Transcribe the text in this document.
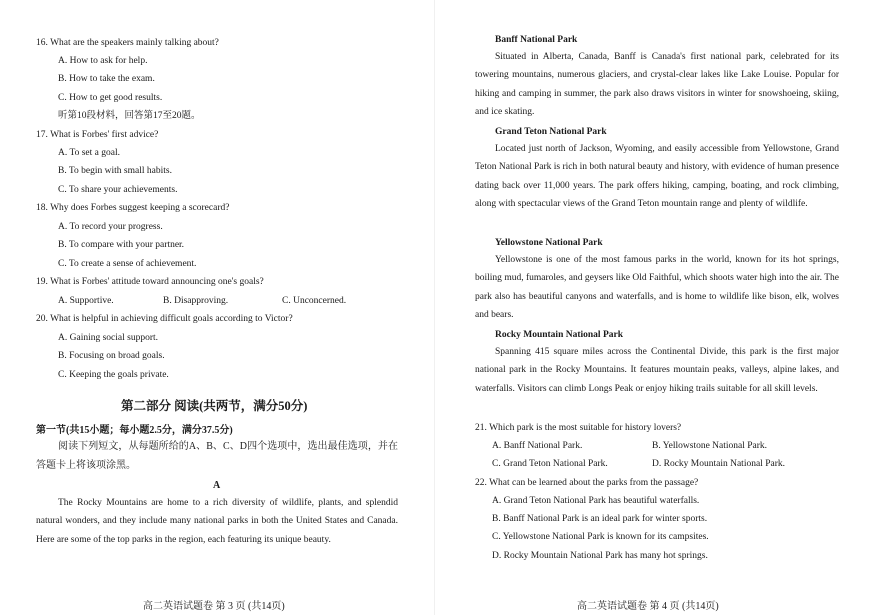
16. What are the speakers mainly talking about?
A. How to ask for help.
B. How to take the exam.
C. How to get good results.
听第10段材料，回答第17至20题。
17. What is Forbes' first advice?
A. To set a goal.
B. To begin with small habits.
C. To share your achievements.
18. Why does Forbes suggest keeping a scorecard?
A. To record your progress.
B. To compare with your partner.
C. To create a sense of achievement.
19. What is Forbes' attitude toward announcing one's goals?
A. Supportive.	B. Disapproving.	C. Unconcerned.
20. What is helpful in achieving difficult goals according to Victor?
A. Gaining social support.
B. Focusing on broad goals.
C. Keeping the goals private.
第二部分 阅读(共两节，满分50分)
第一节(共15小题；每小题2.5分，满分37.5分)
阅读下列短文，从每题所给的A、B、C、D四个选项中，选出最佳选项，并在答题卡上将该项涂黑。
A
The Rocky Mountains are home to a rich diversity of wildlife, plants, and splendid natural wonders, and they include many national parks in both the United States and Canada. Here are some of the top parks in the region, each featuring its unique beauty.
高二英语试题卷 第 3 页 (共14页)
Banff National Park
Situated in Alberta, Canada, Banff is Canada's first national park, celebrated for its towering mountains, numerous glaciers, and crystal-clear lakes like Lake Louise. Popular for hiking and camping in summer, the park also draws visitors in winter for snowshoeing, skiing, and ice skating.
Grand Teton National Park
Located just north of Jackson, Wyoming, and easily accessible from Yellowstone, Grand Teton National Park is rich in both natural beauty and history, with evidence of human presence dating back over 11,000 years. The park offers hiking, camping, boating, and rock climbing, along with spectacular views of the Grand Teton mountain range and plenty of wildlife.
Yellowstone National Park
Yellowstone is one of the most famous parks in the world, known for its hot springs, boiling mud, fumaroles, and geysers like Old Faithful, which shoots water high into the air. The park also has beautiful canyons and waterfalls, and is home to wildlife like bison, elk, wolves and bears.
Rocky Mountain National Park
Spanning 415 square miles across the Continental Divide, this park is the first major national park in the Rocky Mountains. It features mountain peaks, valleys, alpine lakes, and waterfalls. Visitors can climb Longs Peak or enjoy hiking trails suitable for all skill levels.
21. Which park is the most suitable for history lovers?
A. Banff National Park.	B. Yellowstone National Park.
C. Grand Teton National Park.	D. Rocky Mountain National Park.
22. What can be learned about the parks from the passage?
A. Grand Teton National Park has beautiful waterfalls.
B. Banff National Park is an ideal park for winter sports.
C. Yellowstone National Park is known for its campsites.
D. Rocky Mountain National Park has many hot springs.
高二英语试题卷 第 4 页 (共14页)
